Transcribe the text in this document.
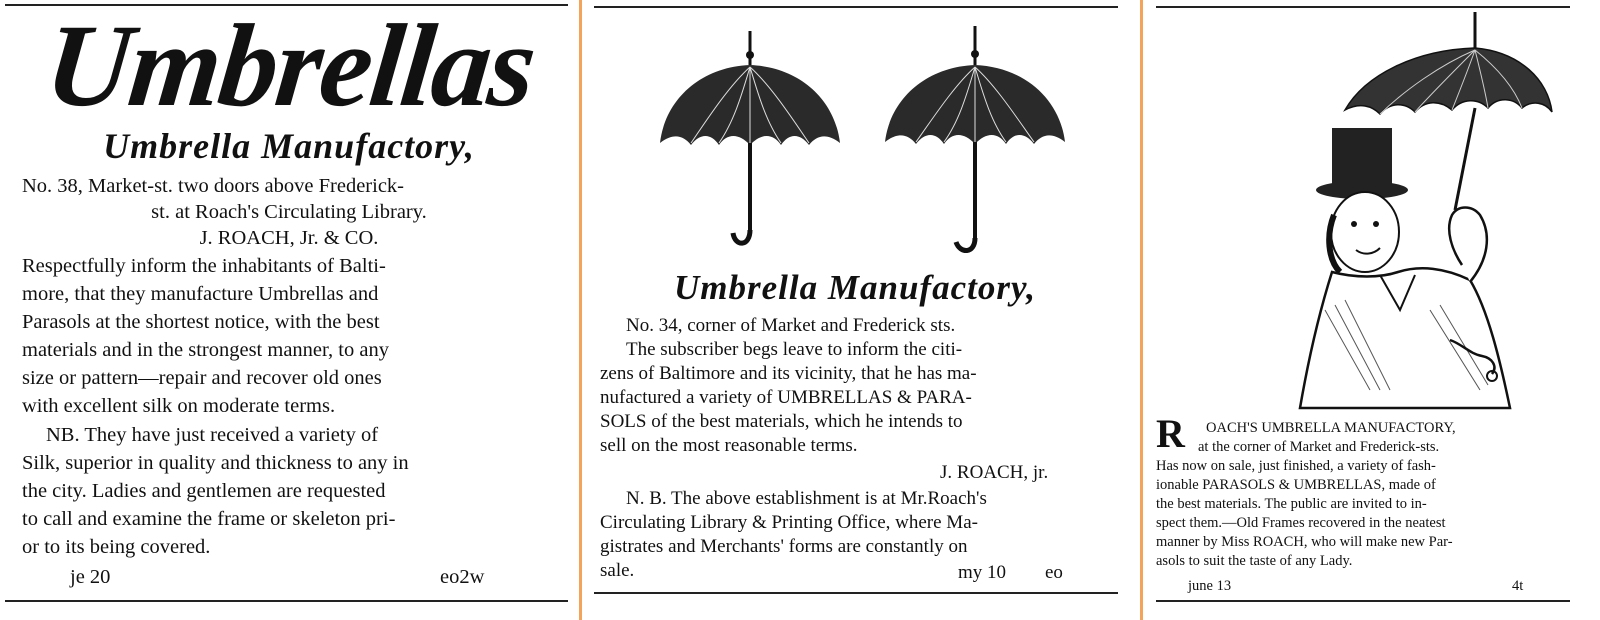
Umbrellas
Umbrella Manufactory,
No. 38, Market-st. two doors above Frederick-
st. at Roach's Circulating Library.
J. ROACH, Jr. & CO.
Respectfully inform the inhabitants of Balti-
more, that they manufacture Umbrellas and
Parasols at the shortest notice, with the best
materials and in the strongest manner, to any
size or pattern—repair and recover old ones
with excellent silk on moderate terms.
NB. They have just received a variety of
Silk, superior in quality and thickness to any in
the city. Ladies and gentlemen are requested
to call and examine the frame or skeleton pri-
or to its being covered.
je 20	eo2w
Umbrella Manufactory,
No. 34, corner of Market and Frederick sts.
The subscriber begs leave to inform the citi-
zens of Baltimore and its vicinity, that he has ma-
nufactured a variety of UMBRELLAS & PARA-
SOLS of the best materials, which he intends to
sell on the most reasonable terms.
J. ROACH, jr.
N. B. The above establishment is at Mr.Roach's
Circulating Library & Printing Office, where Ma-
gistrates and Merchants' forms are constantly on
sale.	my 10 eo
R OACH'S UMBRELLA MANUFACTORY,
at the corner of Market and Frederick-sts.
Has now on sale, just finished, a variety of fash-
ionable PARASOLS & UMBRELLAS, made of
the best materials. The public are invited to in-
spect them.—Old Frames recovered in the neatest
manner by Miss ROACH, who will make new Par-
asols to suit the taste of any Lady.
june 13	4t
